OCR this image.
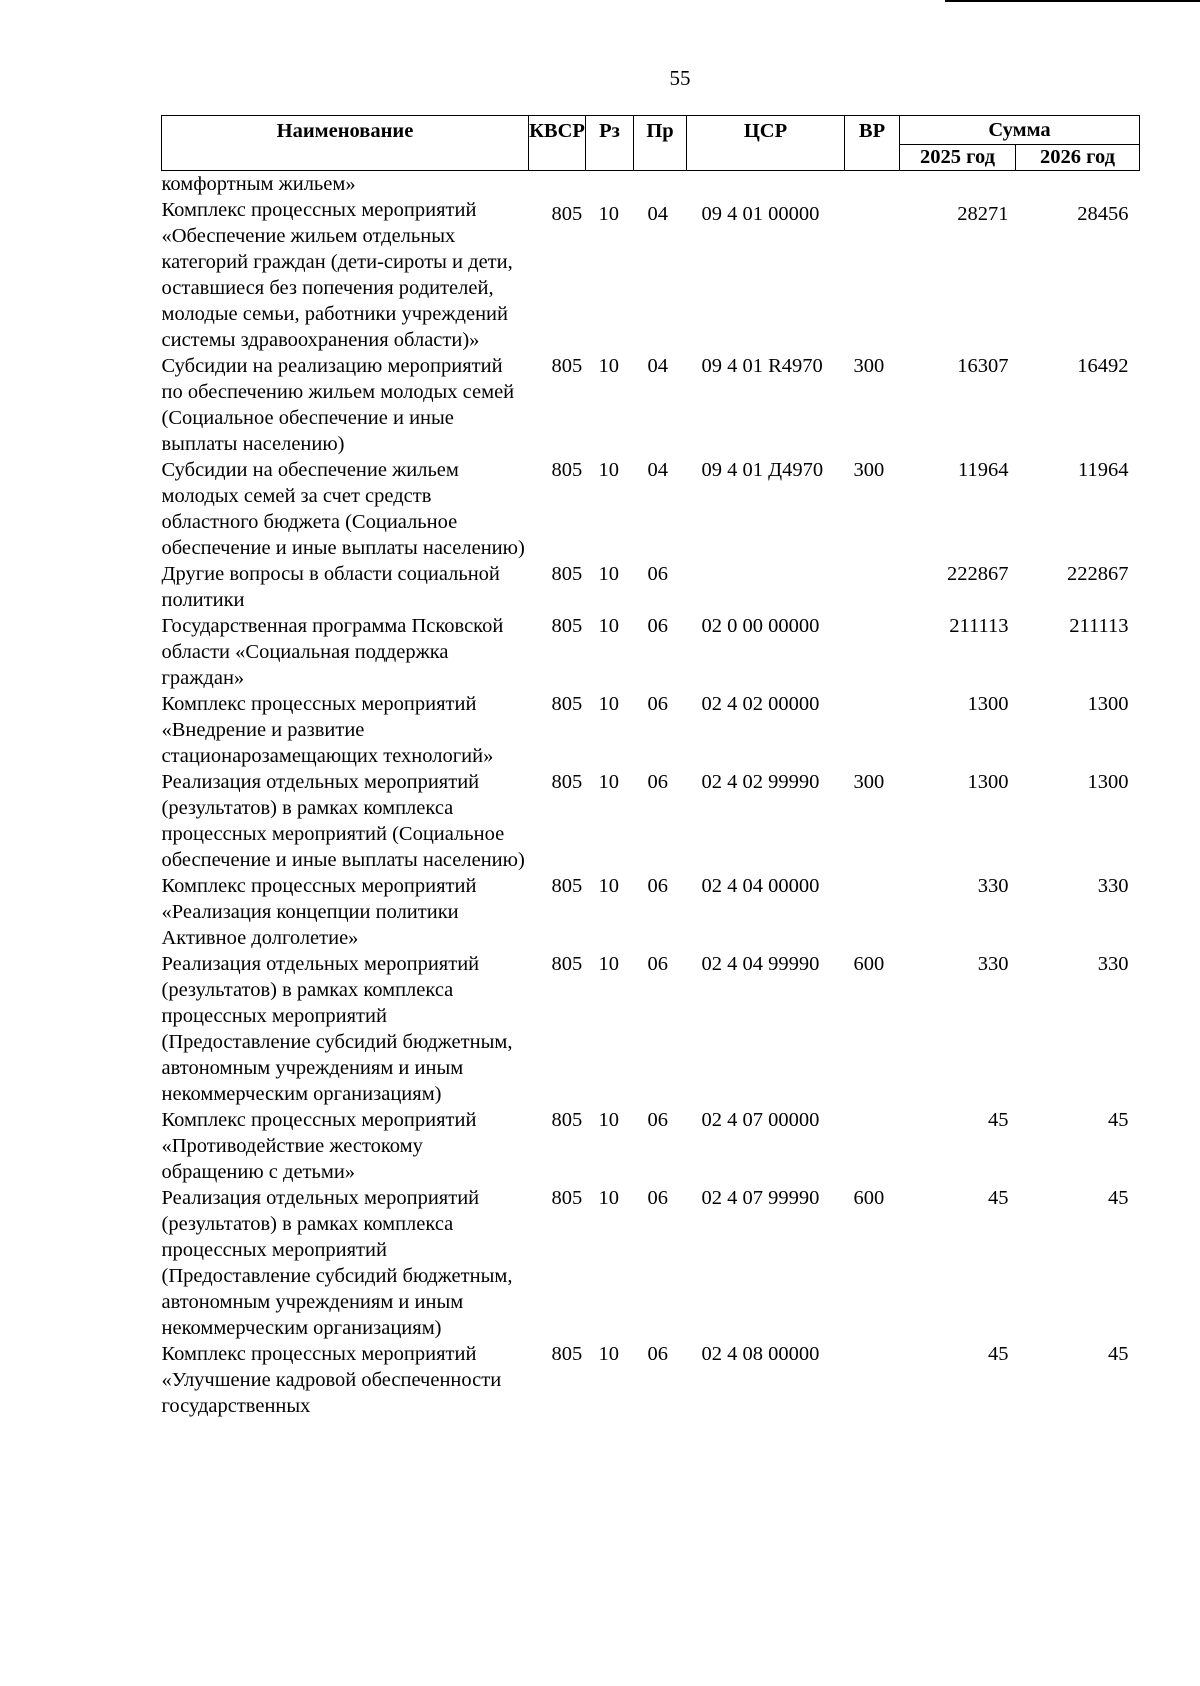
55
Наименование	КВСР	Рз	Пр	ЦСР	ВР	Сумма	
						2025 год	2026 год
комфортным жильем»							
Комплекс процессных мероприятий «Обеспечение жильем отдельных категорий граждан (дети-сироты и дети, оставшиеся без попечения родителей, молодые семьи, работники учреждений системы здравоохранения области)»	805	10	04	09 4 01 00000		28271	28456
Субсидии на реализацию мероприятий по обеспечению жильем молодых семей (Социальное обеспечение и иные выплаты населению)	805	10	04	09 4 01 R4970	300	16307	16492
Субсидии на обеспечение жильем молодых семей за счет средств областного бюджета (Социальное обеспечение и иные выплаты населению)	805	10	04	09 4 01 Д4970	300	11964	11964
Другие вопросы в области социальной политики	805	10	06			222867	222867
Государственная программа Псковской области «Социальная поддержка граждан»	805	10	06	02 0 00 00000		211113	211113
Комплекс процессных мероприятий «Внедрение и развитие стационарозамещающих технологий»	805	10	06	02 4 02 00000		1300	1300
Реализация отдельных мероприятий (результатов) в рамках комплекса процессных мероприятий (Социальное обеспечение и иные выплаты населению)	805	10	06	02 4 02 99990	300	1300	1300
Комплекс процессных мероприятий «Реализация концепции политики Активное долголетие»	805	10	06	02 4 04 00000		330	330
Реализация отдельных мероприятий (результатов) в рамках комплекса процессных мероприятий (Предоставление субсидий бюджетным, автономным учреждениям и иным некоммерческим организациям)	805	10	06	02 4 04 99990	600	330	330
Комплекс процессных мероприятий «Противодействие жестокому обращению с детьми»	805	10	06	02 4 07 00000		45	45
Реализация отдельных мероприятий (результатов) в рамках комплекса процессных мероприятий (Предоставление субсидий бюджетным, автономным учреждениям и иным некоммерческим организациям)	805	10	06	02 4 07 99990	600	45	45
Комплекс процессных мероприятий «Улучшение кадровой обеспеченности государственных	805	10	06	02 4 08 00000		45	45
